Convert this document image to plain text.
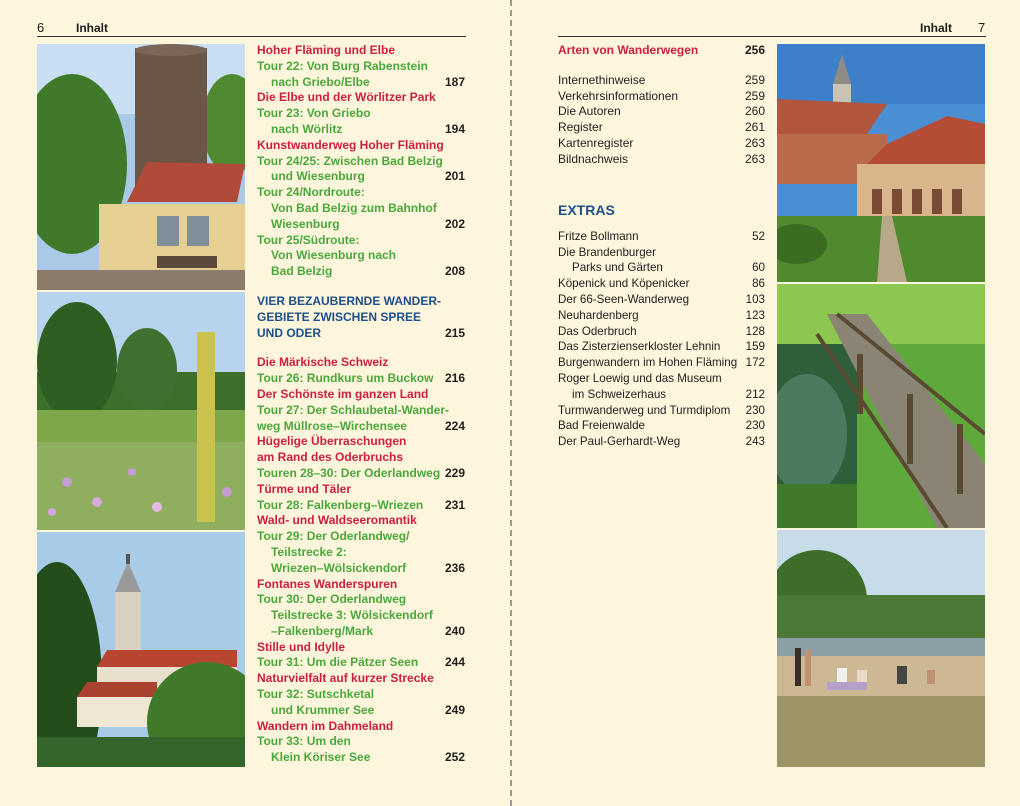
6	Inhalt
Hoher Fläming und Elbe
Tour 22: Von Burg Rabenstein
nach Griebo/Elbe	187
Die Elbe und der Wörlitzer Park
Tour 23: Von Griebo
nach Wörlitz	194
Kunstwanderweg Hoher Fläming
Tour 24/25: Zwischen Bad Belzig
und Wiesenburg	201
Tour 24/Nordroute:
Von Bad Belzig zum Bahnhof
Wiesenburg	202
Tour 25/Südroute:
Von Wiesenburg nach
Bad Belzig	208
VIER BEZAUBERNDE WANDER-
GEBIETE ZWISCHEN SPREE
UND ODER	215
Die Märkische Schweiz
Tour 26: Rundkurs um Buckow 216
Der Schönste im ganzen Land
Tour 27: Der Schlaubetal-Wander-
weg Müllrose–Wirchensee	224
Hügelige Überraschungen
am Rand des Oderbruchs
Touren 28–30: Der Oderlandweg 229
Türme und Täler
Tour 28: Falkenberg–Wriezen 231
Wald- und Waldseeromantik
Tour 29: Der Oderlandweg/
Teilstrecke 2:
Wriezen–Wölsickendorf	236
Fontanes Wanderspuren
Tour 30: Der Oderlandweg
Teilstrecke 3: Wölsickendorf
–Falkenberg/Mark	240
Stille und Idylle
Tour 31: Um die Pätzer Seen 244
Naturvielfalt auf kurzer Strecke
Tour 32: Sutschketal
und Krummer See	249
Wandern im Dahmeland
Tour 33: Um den
Klein Köriser See	252
Inhalt 7
Arten von Wanderwegen	256
Internethinweise	259
Verkehrsinformationen	259
Die Autoren	260
Register	261
Kartenregister	263
Bildnachweis	263
EXTRAS
Fritze Bollmann	52
Die Brandenburger
Parks und Gärten	60
Köpenick und Köpenicker	86
Der 66-Seen-Wanderweg	103
Neuhardenberg	123
Das Oderbruch	128
Das Zisterzienserkloster Lehnin 159
Burgenwandern im Hohen Fläming 172
Roger Loewig und das Museum
im Schweizerhaus	212
Turmwanderweg und Turmdiplom 230
Bad Freienwalde	230
Der Paul-Gerhardt-Weg	243
